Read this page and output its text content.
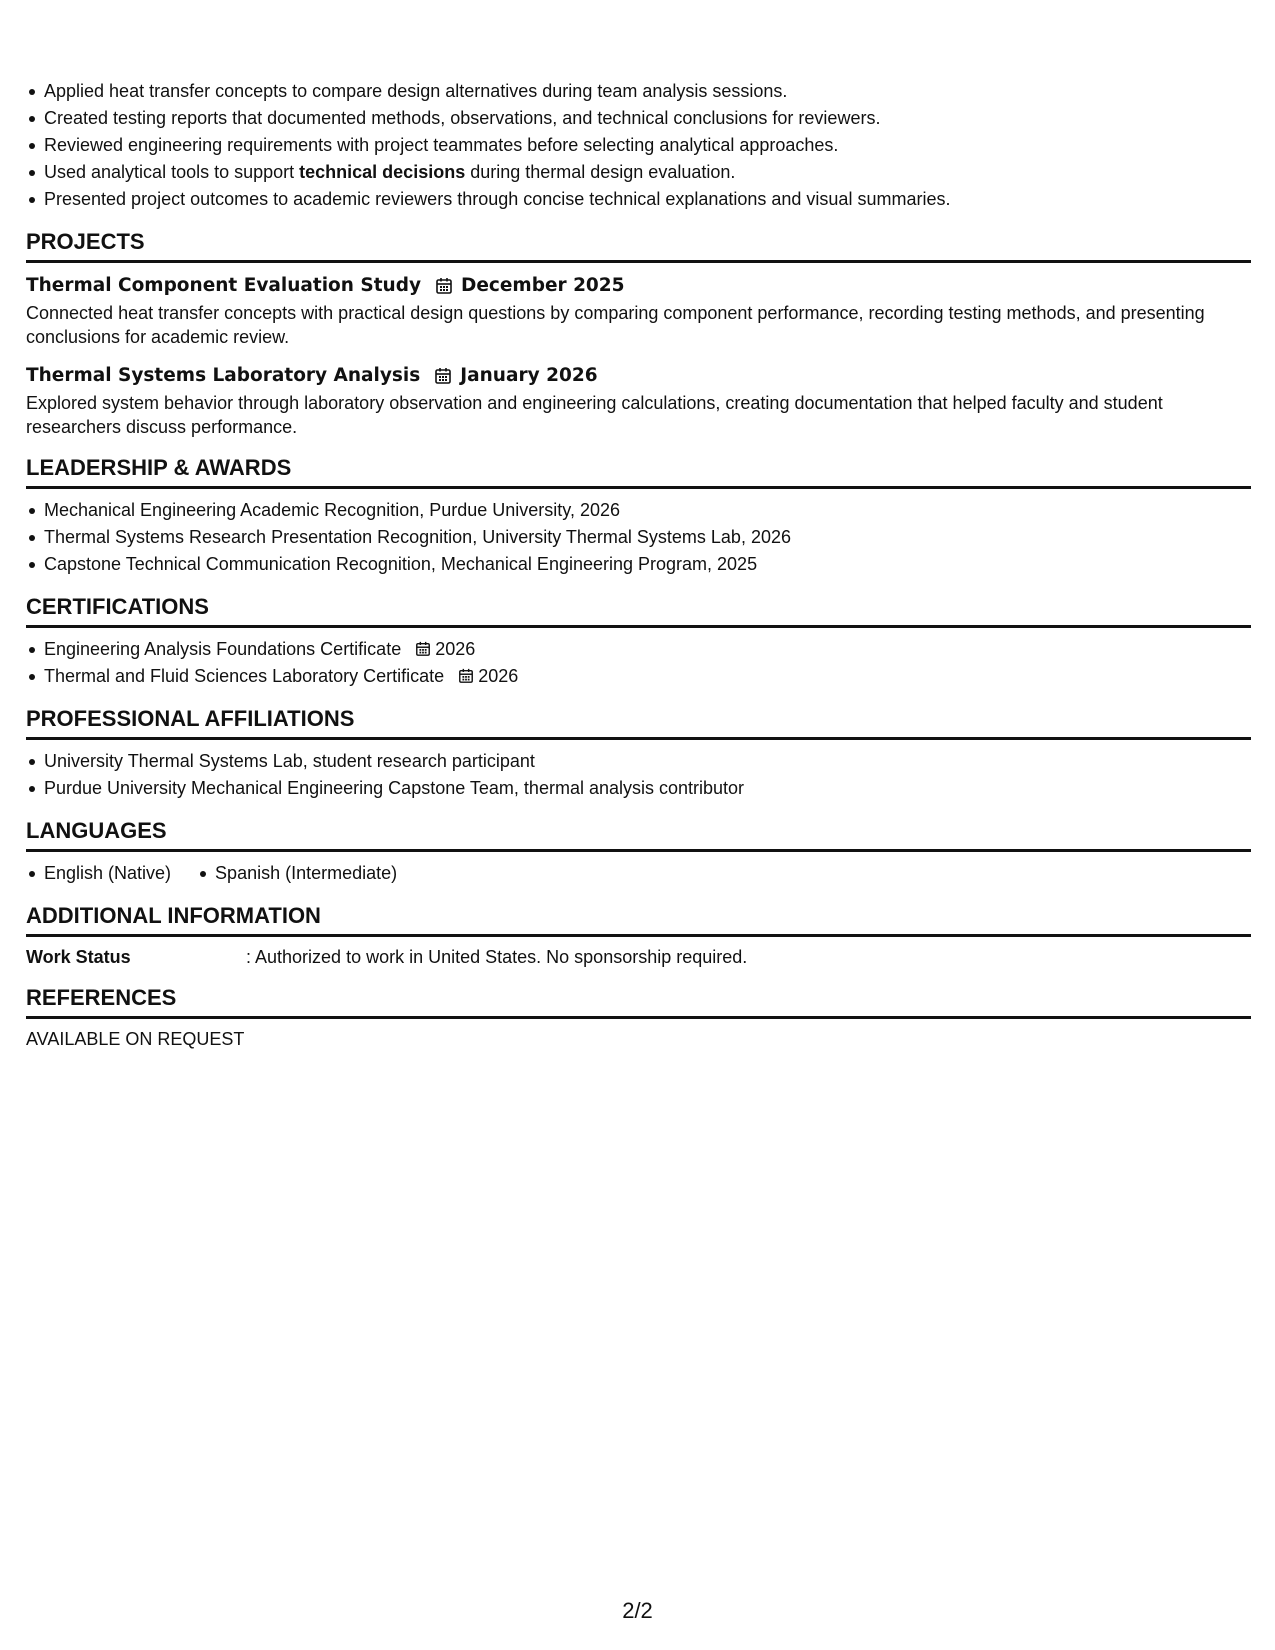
Applied heat transfer concepts to compare design alternatives during team analysis sessions.
Created testing reports that documented methods, observations, and technical conclusions for reviewers.
Reviewed engineering requirements with project teammates before selecting analytical approaches.
Used analytical tools to support technical decisions during thermal design evaluation.
Presented project outcomes to academic reviewers through concise technical explanations and visual summaries.
PROJECTS
Thermal Component Evaluation Study December 2025
Connected heat transfer concepts with practical design questions by comparing component performance, recording testing methods, and presenting conclusions for academic review.
Thermal Systems Laboratory Analysis January 2026
Explored system behavior through laboratory observation and engineering calculations, creating documentation that helped faculty and student researchers discuss performance.
LEADERSHIP & AWARDS
Mechanical Engineering Academic Recognition, Purdue University, 2026
Thermal Systems Research Presentation Recognition, University Thermal Systems Lab, 2026
Capstone Technical Communication Recognition, Mechanical Engineering Program, 2025
CERTIFICATIONS
Engineering Analysis Foundations Certificate 2026
Thermal and Fluid Sciences Laboratory Certificate 2026
PROFESSIONAL AFFILIATIONS
University Thermal Systems Lab, student research participant
Purdue University Mechanical Engineering Capstone Team, thermal analysis contributor
LANGUAGES
English (Native) Spanish (Intermediate)
ADDITIONAL INFORMATION
Work Status	: Authorized to work in United States. No sponsorship required.
REFERENCES
AVAILABLE ON REQUEST
2/2
